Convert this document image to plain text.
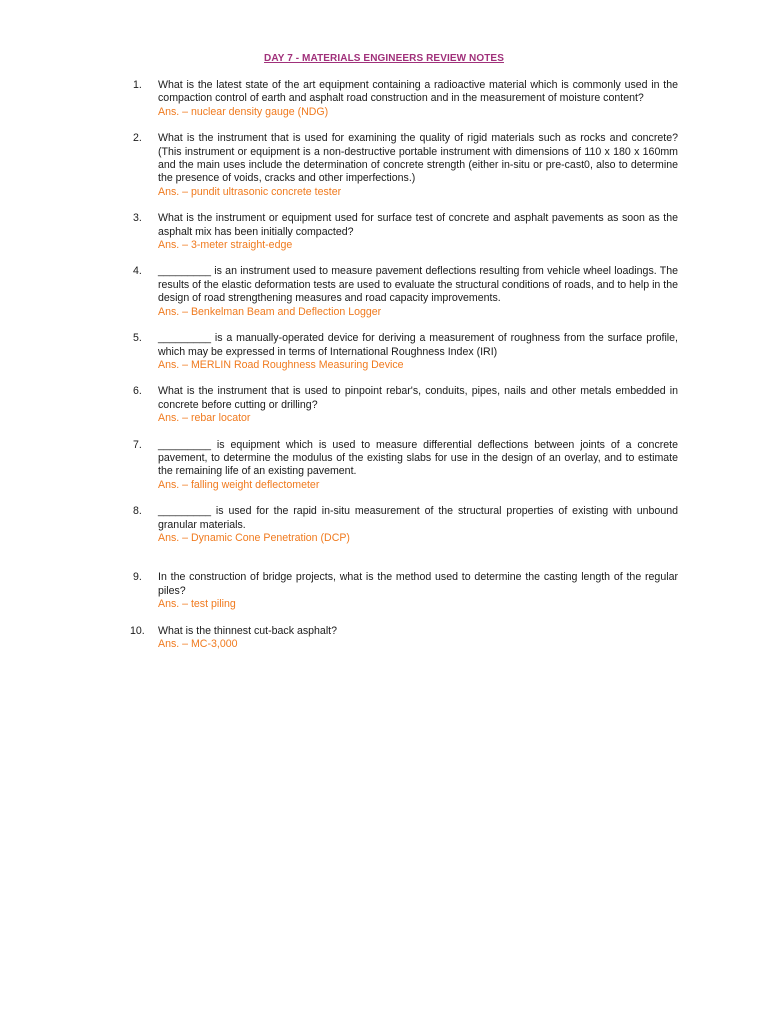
DAY 7 - MATERIALS ENGINEERS REVIEW NOTES
1.	What is the latest state of the art equipment containing a radioactive material which is commonly used in the compaction control of earth and asphalt road construction and in the measurement of moisture content?

Ans. – nuclear density gauge (NDG)

2.	What is the instrument that is used for examining the quality of rigid materials such as rocks and concrete? (This instrument or equipment is a non-destructive portable instrument with dimensions of 110 x 180 x 160mm and the main uses include the determination of concrete strength (either in-situ or pre-cast0, also to determine the presence of voids, cracks and other imperfections.)

Ans. – pundit ultrasonic concrete tester

3.	What is the instrument or equipment used for surface test of concrete and asphalt pavements as soon as the asphalt mix has been initially compacted?

Ans. – 3-meter straight-edge

4.	_________ is an instrument used to measure pavement deflections resulting from vehicle wheel loadings. The results of the elastic deformation tests are used to evaluate the structural conditions of roads, and to help in the design of road strengthening measures and road capacity improvements.

Ans. – Benkelman Beam and Deflection Logger

5.	_________ is a manually-operated device for deriving a measurement of roughness from the surface profile, which may be expressed in terms of International Roughness Index (IRI)

Ans. – MERLIN Road Roughness Measuring Device

6.	What is the instrument that is used to pinpoint rebar's, conduits, pipes, nails and other metals embedded in concrete before cutting or drilling?

Ans. – rebar locator

7.	_________ is equipment which is used to measure differential deflections between joints of a concrete pavement, to determine the modulus of the existing slabs for use in the design of an overlay, and to estimate the remaining life of an existing pavement.

Ans. – falling weight deflectometer

8.	_________ is used for the rapid in-situ measurement of the structural properties of existing with unbound granular materials.

Ans. – Dynamic Cone Penetration (DCP)

9.	In the construction of bridge projects, what is the method used to determine the casting length of the regular piles?

Ans. – test piling

10.	What is the thinnest cut-back asphalt?

Ans. – MC-3,000
